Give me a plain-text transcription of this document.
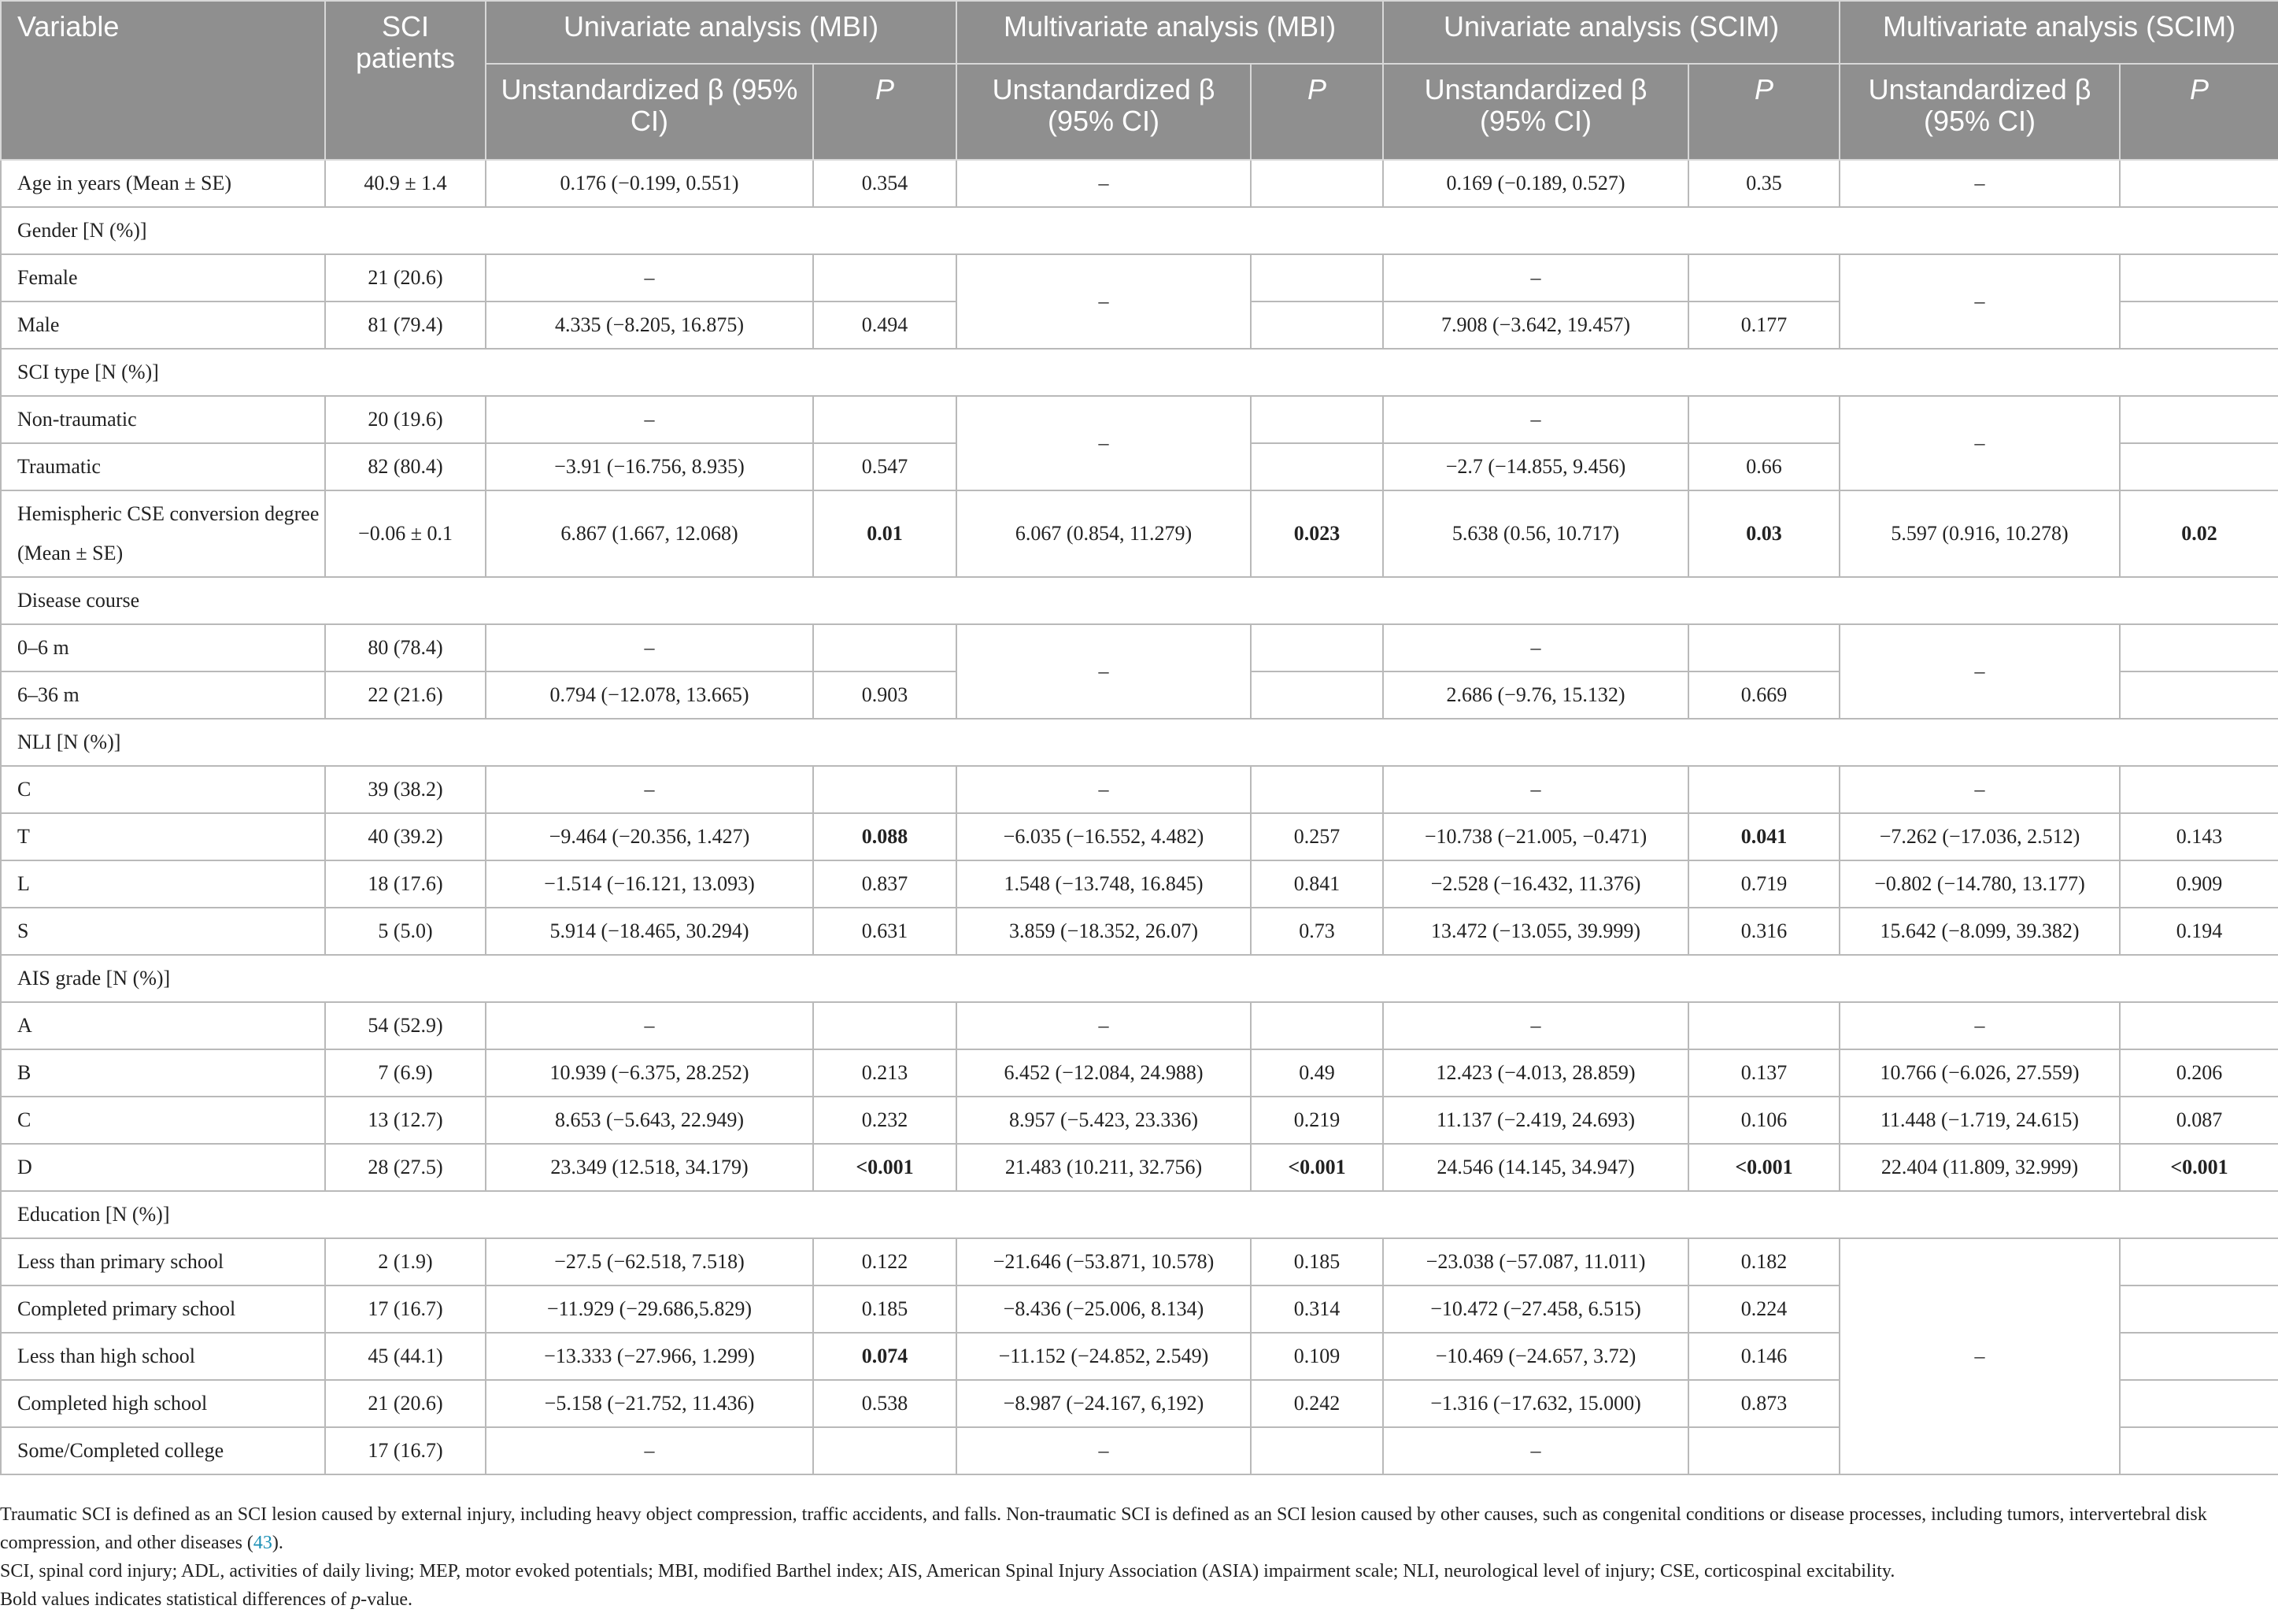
Variable	SCI patients	Univariate analysis (MBI)		Multivariate analysis (MBI)		Univariate analysis (SCIM)		Multivariate analysis (SCIM)	
		Unstandardized β (95% CI)	P	Unstandardized β (95% CI)	P	Unstandardized β (95% CI)	P	Unstandardized β (95% CI)	P
Age in years (Mean ± SE)	40.9 ± 1.4	0.176 (−0.199, 0.551)	0.354	–		0.169 (−0.189, 0.527)	0.35	–	
Gender [N (%)]									
Female	21 (20.6)	–		–		–		–	
Male	81 (79.4)	4.335 (−8.205, 16.875)	0.494			7.908 (−3.642, 19.457)	0.177		
SCI type [N (%)]									
Non-traumatic	20 (19.6)	–		–		–		–	
Traumatic	82 (80.4)	−3.91 (−16.756, 8.935)	0.547			−2.7 (−14.855, 9.456)	0.66		
Hemispheric CSE conversion degree (Mean ± SE)	−0.06 ± 0.1	6.867 (1.667, 12.068)	0.01	6.067 (0.854, 11.279)	0.023	5.638 (0.56, 10.717)	0.03	5.597 (0.916, 10.278)	0.02
Disease course									
0–6 m	80 (78.4)	–		–		–		–	
6–36 m	22 (21.6)	0.794 (−12.078, 13.665)	0.903			2.686 (−9.76, 15.132)	0.669		
NLI [N (%)]									
C	39 (38.2)	–		–		–		–	
T	40 (39.2)	−9.464 (−20.356, 1.427)	0.088	−6.035 (−16.552, 4.482)	0.257	−10.738 (−21.005, −0.471)	0.041	−7.262 (−17.036, 2.512)	0.143
L	18 (17.6)	−1.514 (−16.121, 13.093)	0.837	1.548 (−13.748, 16.845)	0.841	−2.528 (−16.432, 11.376)	0.719	−0.802 (−14.780, 13.177)	0.909
S	5 (5.0)	5.914 (−18.465, 30.294)	0.631	3.859 (−18.352, 26.07)	0.73	13.472 (−13.055, 39.999)	0.316	15.642 (−8.099, 39.382)	0.194
AIS grade [N (%)]									
A	54 (52.9)	–		–		–		–	
B	7 (6.9)	10.939 (−6.375, 28.252)	0.213	6.452 (−12.084, 24.988)	0.49	12.423 (−4.013, 28.859)	0.137	10.766 (−6.026, 27.559)	0.206
C	13 (12.7)	8.653 (−5.643, 22.949)	0.232	8.957 (−5.423, 23.336)	0.219	11.137 (−2.419, 24.693)	0.106	11.448 (−1.719, 24.615)	0.087
D	28 (27.5)	23.349 (12.518, 34.179)	<0.001	21.483 (10.211, 32.756)	<0.001	24.546 (14.145, 34.947)	<0.001	22.404 (11.809, 32.999)	<0.001
Education [N (%)]									
Less than primary school	2 (1.9)	−27.5 (−62.518, 7.518)	0.122	−21.646 (−53.871, 10.578)	0.185	−23.038 (−57.087, 11.011)	0.182	–	
Completed primary school	17 (16.7)	−11.929 (−29.686,5.829)	0.185	−8.436 (−25.006, 8.134)	0.314	−10.472 (−27.458, 6.515)	0.224		
Less than high school	45 (44.1)	−13.333 (−27.966, 1.299)	0.074	−11.152 (−24.852, 2.549)	0.109	−10.469 (−24.657, 3.72)	0.146		
Completed high school	21 (20.6)	−5.158 (−21.752, 11.436)	0.538	−8.987 (−24.167, 6,192)	0.242	−1.316 (−17.632, 15.000)	0.873		
Some/Completed college	17 (16.7)	–		–		–			

Traumatic SCI is defined as an SCI lesion caused by external injury, including heavy object compression, traffic accidents, and falls. Non-traumatic SCI is defined as an SCI lesion caused by other causes, such as congenital conditions or disease processes, including tumors, intervertebral disk compression, and other diseases (43).

SCI, spinal cord injury; ADL, activities of daily living; MEP, motor evoked potentials; MBI, modified Barthel index; AIS, American Spinal Injury Association (ASIA) impairment scale; NLI, neurological level of injury; CSE, corticospinal excitability.

Bold values indicates statistical differences of p-value.
